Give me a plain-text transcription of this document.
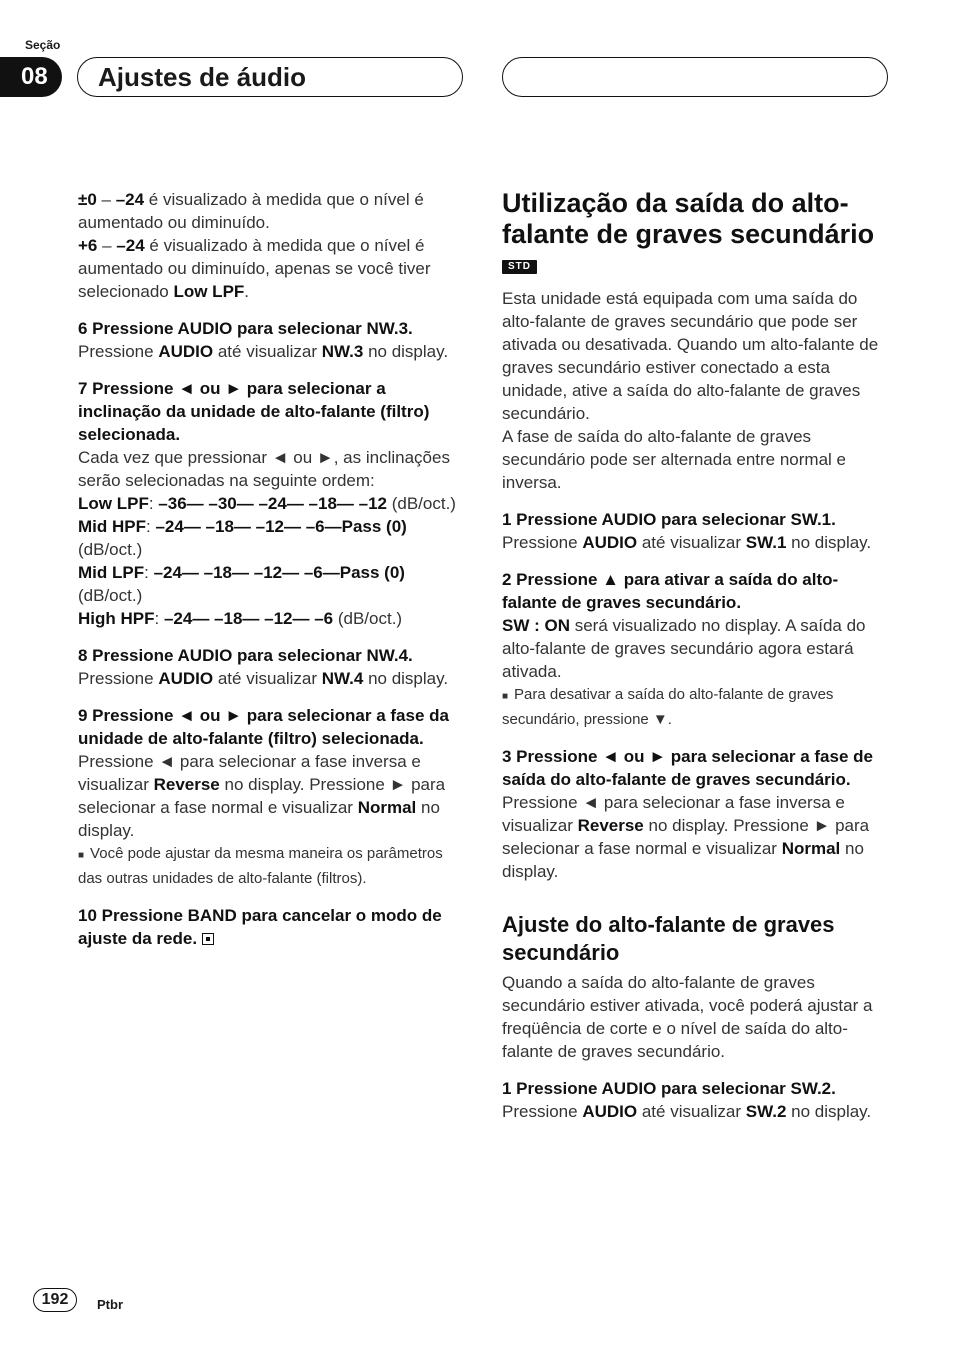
Seção
08	Ajustes de áudio

±0 – –24 é visualizado à medida que o nível é aumentado ou diminuído.

+6 – –24 é visualizado à medida que o nível é aumentado ou diminuído, apenas se você tiver selecionado Low LPF.

6 Pressione AUDIO para selecionar NW.3.

Pressione AUDIO até visualizar NW.3 no display.

7 Pressione ◄ ou ► para selecionar a inclinação da unidade de alto-falante (filtro) selecionada.

Cada vez que pressionar ◄ ou ►, as inclinações serão selecionadas na seguinte ordem:

Low LPF: –36— –30— –24— –18— –12 (dB/oct.)

Mid HPF: –24— –18— –12— –6—Pass (0) (dB/oct.)

Mid LPF: –24— –18— –12— –6—Pass (0) (dB/oct.)

High HPF: –24— –18— –12— –6 (dB/oct.)

8 Pressione AUDIO para selecionar NW.4.

Pressione AUDIO até visualizar NW.4 no display.

9 Pressione ◄ ou ► para selecionar a fase da unidade de alto-falante (filtro) selecionada.

Pressione ◄ para selecionar a fase inversa e visualizar Reverse no display. Pressione ► para selecionar a fase normal e visualizar Normal no display.

■ Você pode ajustar da mesma maneira os parâmetros das outras unidades de alto-falante (filtros).

10 Pressione BAND para cancelar o modo de ajuste da rede.

Utilização da saída do alto-falante de graves secundário STD

Esta unidade está equipada com uma saída do alto-falante de graves secundário que pode ser ativada ou desativada. Quando um alto-falante de graves secundário estiver conectado a esta unidade, ative a saída do alto-falante de graves secundário.

A fase de saída do alto-falante de graves secundário pode ser alternada entre normal e inversa.

1 Pressione AUDIO para selecionar SW.1.

Pressione AUDIO até visualizar SW.1 no display.

2 Pressione ▲ para ativar a saída do alto-falante de graves secundário.

SW : ON será visualizado no display. A saída do alto-falante de graves secundário agora estará ativada.

■ Para desativar a saída do alto-falante de graves secundário, pressione ▼.

3 Pressione ◄ ou ► para selecionar a fase de saída do alto-falante de graves secundário.

Pressione ◄ para selecionar a fase inversa e visualizar Reverse no display. Pressione ► para selecionar a fase normal e visualizar Normal no display.

Ajuste do alto-falante de graves secundário

Quando a saída do alto-falante de graves secundário estiver ativada, você poderá ajustar a freqüência de corte e o nível de saída do alto-falante de graves secundário.

1 Pressione AUDIO para selecionar SW.2.

Pressione AUDIO até visualizar SW.2 no display.

192	Ptbr
